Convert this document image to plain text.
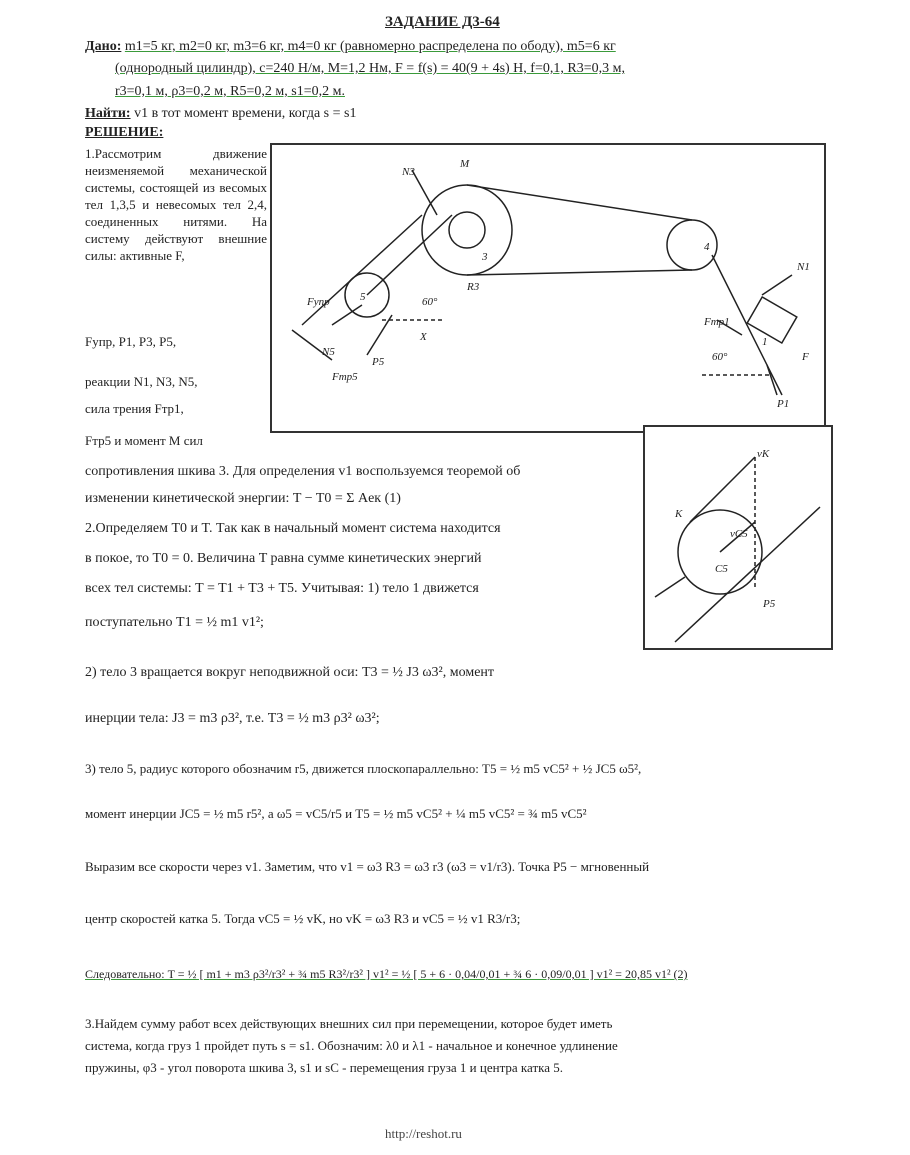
ЗАДАНИЕ Д3-64
Дано: m1=5 кг, m2=0 кг, m3=6 кг, m4=0 кг (равномерно распределена по ободу), m5=6 кг
(однородный цилиндр), c=240 Н/м, M=1,2 Нм, F = f(s) = 40(9 + 4s) Н, f=0,1, R3=0,3 м,
r3=0,1 м, ρ3=0,2 м, R5=0,2 м, s1=0,2 м.
Найти: v1 в тот момент времени, когда s = s1
РЕШЕНИЕ:
1.Рассмотрим движение неизменяемой механической системы, состоящей из весомых тел 1,3,5 и невесомых тел 2,4, соединенных нитями. На систему действуют внешние силы: активные F,
Fупр, P1, P3, P5,
реакции N1, N3, N5,
сила трения Fтр1,
Fтр5 и момент M сил
M
N3
R3
3
4
60°
60°
Fупр
P5
N5
Fтр5
X
N1
P1
F
Fтр1
1
5
vK
K
vC5
C5
P5
сопротивления шкива 3. Для определения v1 воспользуемся теоремой об
изменении кинетической энергии: T − T0 = Σ Aeк (1)
2.Определяем T0 и T. Так как в начальный момент система находится
в покое, то T0 = 0. Величина T равна сумме кинетических энергий
всех тел системы: T = T1 + T3 + T5. Учитывая: 1) тело 1 движется
поступательно T1 = ½ m1 v1²;
2) тело 3 вращается вокруг неподвижной оси: T3 = ½ J3 ω3², момент
инерции тела: J3 = m3 ρ3², т.е. T3 = ½ m3 ρ3² ω3²;
3) тело 5, радиус которого обозначим r5, движется плоскопараллельно: T5 = ½ m5 vC5² + ½ JC5 ω5²,
момент инерции JC5 = ½ m5 r5², а ω5 = vC5/r5 и T5 = ½ m5 vC5² + ¼ m5 vC5² = ¾ m5 vC5²
Выразим все скорости через v1. Заметим, что v1 = ω3 R3 = ω3 r3 (ω3 = v1/r3). Точка P5 − мгновенный
центр скоростей катка 5. Тогда vC5 = ½ vK, но vK = ω3 R3 и vC5 = ½ v1 R3/r3;
Следовательно: T = ½ [ m1 + m3 ρ3²/r3² + ¾ m5 R3²/r3² ] v1² = ½ [ 5 + 6 · 0,04/0,01 + ¾ 6 · 0,09/0,01 ] v1² = 20,85 v1² (2)
3.Найдем сумму работ всех действующих внешних сил при перемещении, которое будет иметь
система, когда груз 1 пройдет путь s = s1. Обозначим: λ0 и λ1 - начальное и конечное удлинение
пружины, φ3 - угол поворота шкива 3, s1 и sC - перемещения груза 1 и центра катка 5.
http://reshot.ru
